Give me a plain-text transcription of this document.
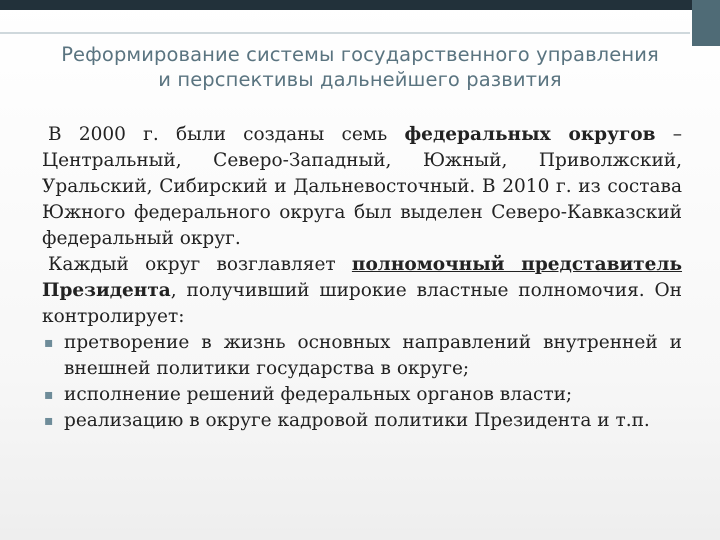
Реформирование системы государственного управления
и перспективы дальнейшего развития

В 2000 г. были созданы семь федеральных округов – Центральный, Северо-Западный, Южный, Приволжский, Уральский, Сибирский и Дальневосточный. В 2010 г. из состава Южного федерального округа был выделен Северо-Кавказский федеральный округ.

Каждый округ возглавляет полномочный представитель Президента, получивший широкие властные полномочия. Он контролирует:

▪ претворение в жизнь основных направлений внутренней и внешней политики государства в округе;
▪ исполнение решений федеральных органов власти;
▪ реализацию в округе кадровой политики Президента и т.п.
